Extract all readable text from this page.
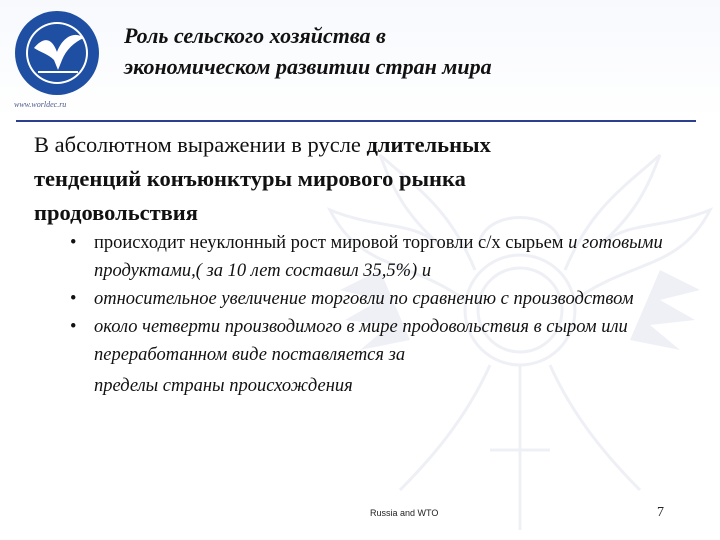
www.worldec.ru
Роль сельского хозяйства в
экономическом развитии стран мира
В абсолютном выражении в русле длительных
тенденций конъюнктуры мирового рынка
продовольствия
• происходит неуклонный рост мировой торговли с/х сырьем и готовыми продуктами,( за 10 лет составил 35,5%) и
• относительное увеличение торговли по сравнению с производством
• около четверти производимого в мире продовольствия в сыром или переработанном виде поставляется за
пределы страны происхождения
Russia and WTO	7
